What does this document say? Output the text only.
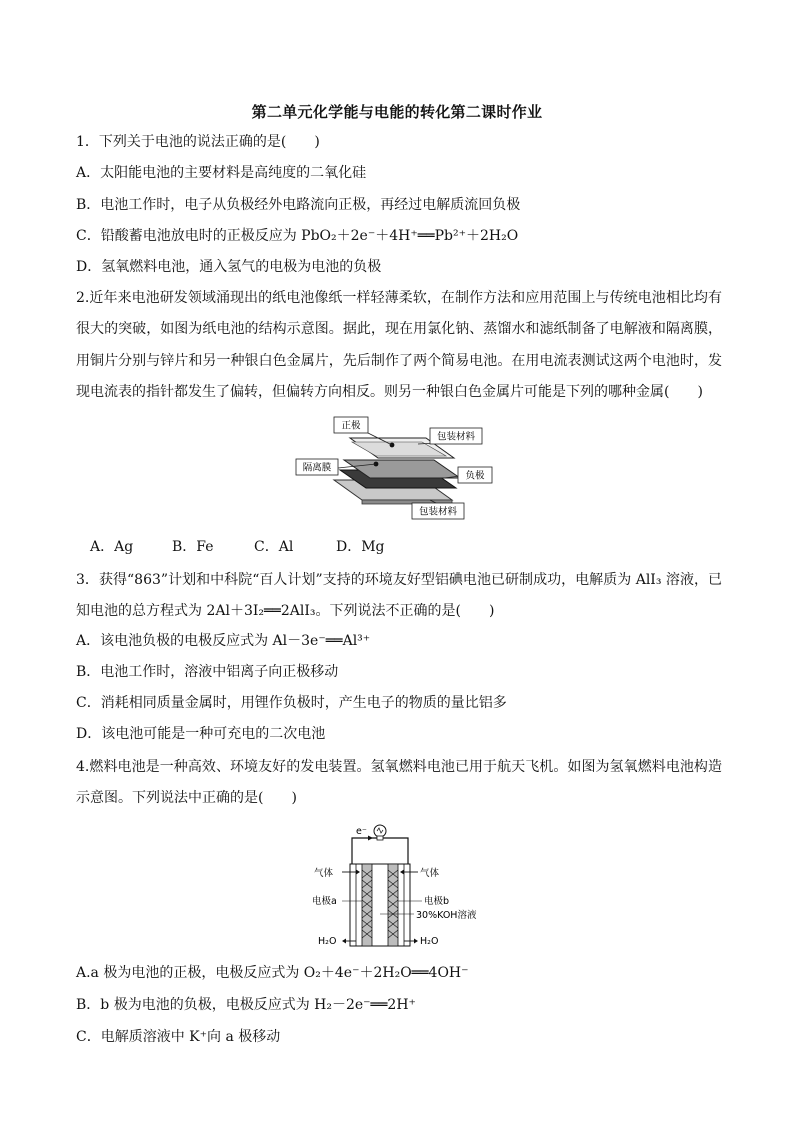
第二单元化学能与电能的转化第二课时作业
1．下列关于电池的说法正确的是(　　)
A．太阳能电池的主要材料是高纯度的二氧化硅
B．电池工作时，电子从负极经外电路流向正极，再经过电解质流回负极
C．铅酸蓄电池放电时的正极反应为 PbO₂＋2e⁻＋4H⁺══Pb²⁺＋2H₂O
D．氢氧燃料电池，通入氢气的电极为电池的负极
2.近年来电池研发领域涌现出的纸电池像纸一样轻薄柔软，在制作方法和应用范围上与传统电池相比均有很大的突破，如图为纸电池的结构示意图。据此，现在用氯化钠、蒸馏水和滤纸制备了电解液和隔离膜，用铜片分别与锌片和另一种银白色金属片，先后制作了两个简易电池。在用电流表测试这两个电池时，发现电流表的指针都发生了偏转，但偏转方向相反。则另一种银白色金属片可能是下列的哪种金属(　　)
正极
包装材料
隔离膜
负极
包装材料
A．Ag	B．Fe	C．Al	D．Mg
3．获得“863”计划和中科院“百人计划”支持的环境友好型铝碘电池已研制成功，电解质为 AlI₃ 溶液，已知电池的总方程式为 2Al＋3I₂══2AlI₃。下列说法不正确的是(　　)
A．该电池负极的电极反应式为 Al－3e⁻══Al³⁺
B．电池工作时，溶液中铝离子向正极移动
C．消耗相同质量金属时，用锂作负极时，产生电子的物质的量比铝多
D．该电池可能是一种可充电的二次电池
4.燃料电池是一种高效、环境友好的发电装置。氢氧燃料电池已用于航天飞机。如图为氢氧燃料电池构造示意图。下列说法中正确的是(　　)
e⁻
气体	气体
电极a	电极b
30%KOH溶液
H₂O	H₂O
A.a 极为电池的正极，电极反应式为 O₂＋4e⁻＋2H₂O══4OH⁻
B．b 极为电池的负极，电极反应式为 H₂－2e⁻══2H⁺
C．电解质溶液中 K⁺向 a 极移动
